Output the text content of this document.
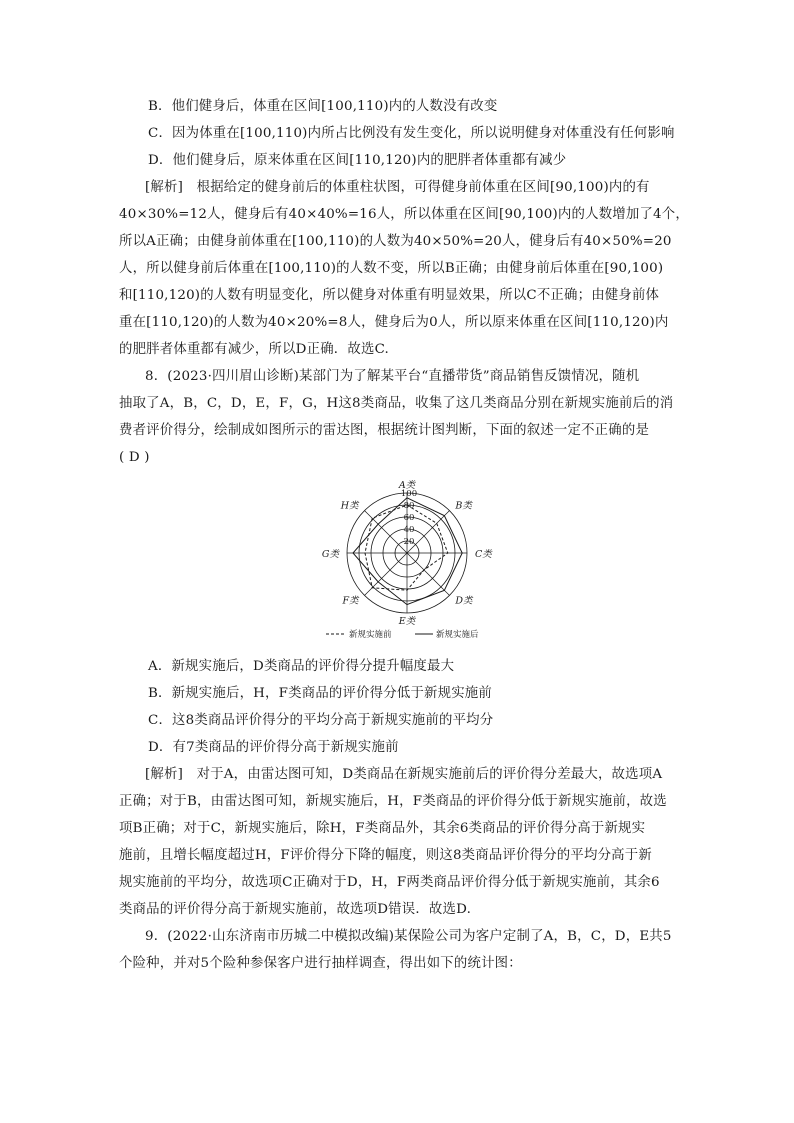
B．他们健身后，体重在区间[100,110)内的人数没有改变
C．因为体重在[100,110)内所占比例没有发生变化，所以说明健身对体重没有任何影响
D．他们健身后，原来体重在区间[110,120)内的肥胖者体重都有减少
[解析]　根据给定的健身前后的体重柱状图，可得健身前体重在区间[90,100)内的有
40×30%=12人，健身后有40×40%=16人，所以体重在区间[90,100)内的人数增加了4个，
所以A正确；由健身前体重在[100,110)的人数为40×50%=20人，健身后有40×50%=20
人，所以健身前后体重在[100,110)的人数不变，所以B正确；由健身前后体重在[90,100)
和[110,120)的人数有明显变化，所以健身对体重有明显效果，所以C不正确；由健身前体
重在[110,120)的人数为40×20%=8人，健身后为0人，所以原来体重在区间[110,120)内
的肥胖者体重都有减少，所以D正确．故选C.
8．(2023·四川眉山诊断)某部门为了解某平台“直播带货”商品销售反馈情况，随机
抽取了A，B，C，D，E，F，G，H这8类商品，收集了这几类商品分别在新规实施前后的消
费者评价得分，绘制成如图所示的雷达图，根据统计图判断，下面的叙述一定不正确的是
( D )
20
40
60
80
100
A类
B类
C类
D类
E类
F类
G类
H类
新规实施前	新规实施后
A．新规实施后，D类商品的评价得分提升幅度最大
B．新规实施后，H，F类商品的评价得分低于新规实施前
C．这8类商品评价得分的平均分高于新规实施前的平均分
D．有7类商品的评价得分高于新规实施前
[解析]　对于A，由雷达图可知，D类商品在新规实施前后的评价得分差最大，故选项A
正确；对于B，由雷达图可知，新规实施后，H，F类商品的评价得分低于新规实施前，故选
项B正确；对于C，新规实施后，除H，F类商品外，其余6类商品的评价得分高于新规实
施前，且增长幅度超过H，F评价得分下降的幅度，则这8类商品评价得分的平均分高于新
规实施前的平均分，故选项C正确对于D，H，F两类商品评价得分低于新规实施前，其余6
类商品的评价得分高于新规实施前，故选项D错误．故选D.
9．(2022·山东济南市历城二中模拟改编)某保险公司为客户定制了A，B，C，D，E共5
个险种，并对5个险种参保客户进行抽样调查，得出如下的统计图：
